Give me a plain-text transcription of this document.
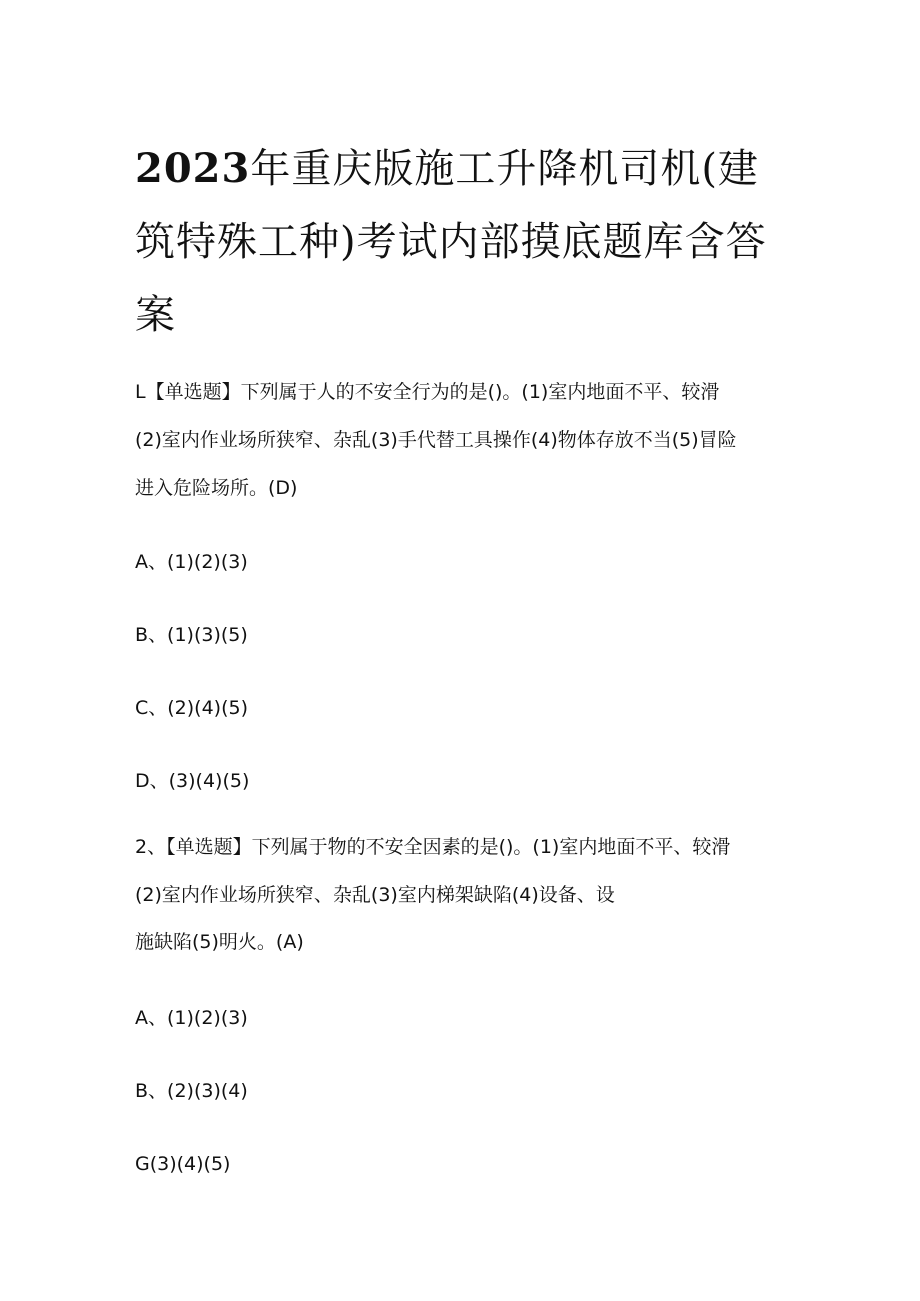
2023年重庆版施工升降机司机(建筑特殊工种)考试内部摸底题库含答案

L【单选题】下列属于人的不安全行为的是()。(1)室内地面不平、较滑

(2)室内作业场所狭窄、杂乱(3)手代替工具操作(4)物体存放不当(5)冒险

进入危险场所。(D)

A、(1)(2)(3)

B、(1)(3)(5)

C、(2)(4)(5)

D、(3)(4)(5)

2、【单选题】下列属于物的不安全因素的是()。(1)室内地面不平、较滑

(2)室内作业场所狭窄、杂乱(3)室内梯架缺陷(4)设备、设

施缺陷(5)明火。(A)

A、(1)(2)(3)

B、(2)(3)(4)

G(3)(4)(5)
